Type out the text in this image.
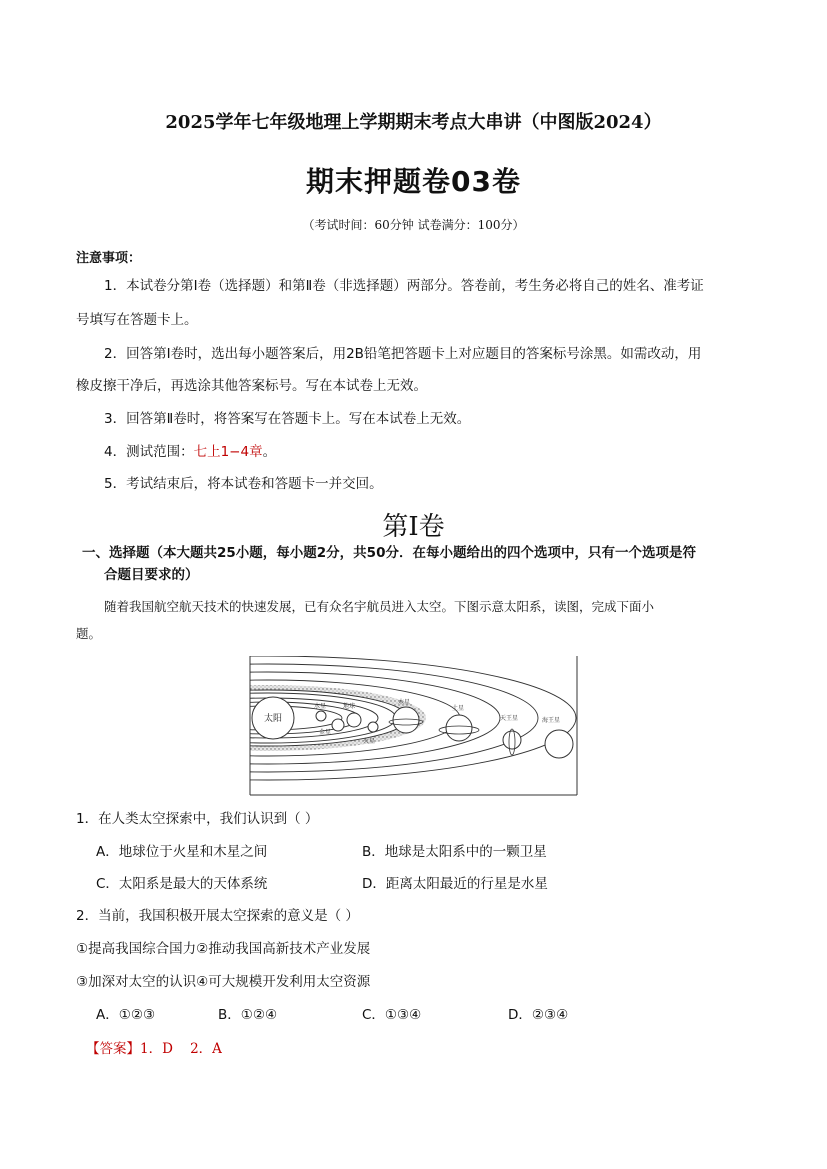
2025学年七年级地理上学期期末考点大串讲（中图版2024）
期末押题卷03卷
（考试时间：60分钟 试卷满分：100分）
注意事项：
1．本试卷分第Ⅰ卷（选择题）和第Ⅱ卷（非选择题）两部分。答卷前，考生务必将自己的姓名、准考证
号填写在答题卡上。
2．回答第Ⅰ卷时，选出每小题答案后，用2B铅笔把答题卡上对应题目的答案标号涂黑。如需改动，用
橡皮擦干净后，再选涂其他答案标号。写在本试卷上无效。
3．回答第Ⅱ卷时，将答案写在答题卡上。写在本试卷上无效。
4．测试范围：七上1−4章。
5．考试结束后，将本试卷和答题卡一并交回。
第Ⅰ卷
一、选择题（本大题共25小题，每小题2分，共50分．在每小题给出的四个选项中，只有一个选项是符
合题目要求的）
随着我国航空航天技术的快速发展，已有众名宇航员进入太空。下图示意太阳系，读图，完成下面小
题。
太阳
水星
金星
地球
火星
木星
土星
天王星	海王星
1．在人类太空探索中，我们认识到（ ）
A．地球位于火星和木星之间	B．地球是太阳系中的一颗卫星
C．太阳系是最大的天体系统	D．距离太阳最近的行星是水星
2．当前，我国积极开展太空探索的意义是（ ）
①提高我国综合国力②推动我国高新技术产业发展
③加深对太空的认识④可大规模开发利用太空资源
A．①②③	B．①②④	C．①③④	D．②③④
【答案】1．D    2．A
